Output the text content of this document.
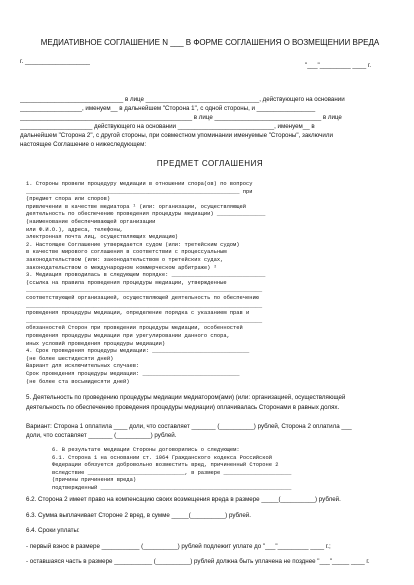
МЕДИАТИВНОЕ СОГЛАШЕНИЕ N ___ В ФОРМЕ СОГЛАШЕНИЯ О ВОЗМЕЩЕНИИ ВРЕДА
г. ___________________
"___"_________ ____ г.
______________________________ в лице _________________________________, действующего на основании
__________________, именуем__ в дальнейшем "Сторона 1", с одной стороны, и _________________
__________________________________________________ в лице _______________________________ в лице
_____________________ действующего на основании ____________________________, именуем__ в
дальнейшем "Сторона 2", с другой стороны, при совместном упоминании именуемые "Стороны", заключили
настоящее Соглашение о нижеследующем:
ПРЕДМЕТ СОГЛАШЕНИЯ
1. Стороны провели процедуру медиации в отношении спора(ов) по вопросу
__________________________________________________________________ при
(предмет спора или споров)
привлечении в качестве медиатора ¹ (или: организации, осуществляющей
деятельность по обеспечению проведения процедуры медиации) _______________
(наименование обеспечивающей организации
или Ф.И.О.), адреса, телефоны,
электронная почта лиц, осуществляющих медиацию)
2. Настоящее Соглашение утверждается судом (или: третейским судом)
в качестве мирового соглашения в соответствии с процессуальным
законодательством (или: законодательством о третейских судах,
законодательством о международном коммерческом арбитраже) ²
3. Медиация проводилась в следующем порядке: _____________________________
(ссылка на правила проведения процедуры медиации, утвержденные
_________________________________________________________________________
соответствующей организацией, осуществляющей деятельность по обеспечению
_________________________________________________________________________
проведения процедуры медиации, определение порядка с указанием прав и
_________________________________________________________________________
обязанностей Сторон при проведении процедуры медиации, особенностей
проведения процедуры медиации при урегулировании данного спора,
иных условий проведения процедуры медиации)
4. Срок проведения процедуры медиации: ______________________________
(не более шестидесяти дней)
Вариант для исключительных случаев:
Срок проведения процедуры медиации: ______________________________
(не более ста восьмидесяти дней)
5. Деятельность по проведению процедуры медиации медиатором(ами) (или: организацией, осуществляющей
деятельность по обеспечению проведения процедуры медиации) оплачивалась Сторонами в равных долях.
Вариант: Сторона 1 оплатила ____ доли, что составляет _______ (__________) рублей, Сторона 2 оплатила ___
доли, что составляет _______ (__________) рублей.
6. В результате медиации Стороны договорились о следующем:
6.1. Сторона 1 на основании ст. 1064 Гражданского кодекса Российской
Федерации обязуется добровольно возместить вред, причиненный Стороне 2
вследствие ______________________________, в размере _____________________
(причины причинения вреда)
подтвержденный ___________________________________________________________
6.2. Сторона 2 имеет право на компенсацию своих возмещения вреда в размере _____(__________) рублей.
6.3. Сумма выплачивает Стороне 2 вред, в сумме _____(__________) рублей.
6.4. Сроки уплаты:
- первый взнос в размере ___________ (__________) рублей подлежит уплате до "___"_________ ____ г.;
- оставшаяся часть в размере ___________ (__________) рублей должна быть уплачена не позднее "___"_____ ____ г.
